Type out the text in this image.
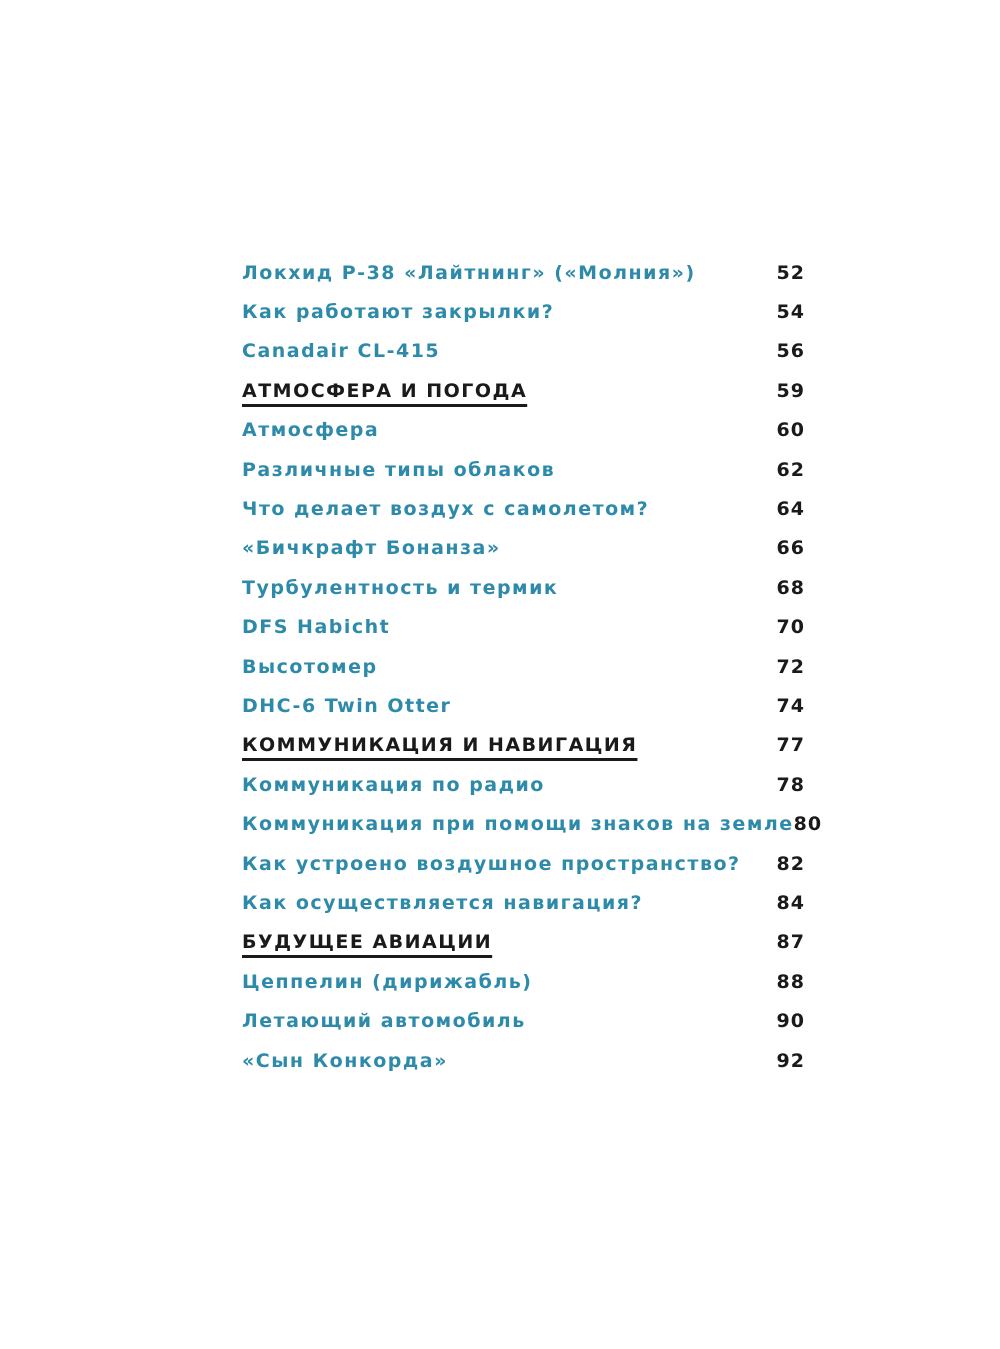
Локхид Р-38 «Лайтнинг» («Молния»)	52
Как работают закрылки?	54
Canadair CL-415	56
АТМОСФЕРА И ПОГОДА	59
Атмосфера	60
Различные типы облаков	62
Что делает воздух с самолетом?	64
«Бичкрафт Бонанза»	66
Турбулентность и термик	68
DFS Habicht	70
Высотомер	72
DHC-6 Twin Otter	74
КОММУНИКАЦИЯ И НАВИГАЦИЯ	77
Коммуникация по радио	78
Коммуникация при помощи знаков на земле 80
Как устроено воздушное пространство? 82
Как осуществляется навигация?	84
БУДУЩЕЕ АВИАЦИИ	87
Цеппелин (дирижабль)	88
Летающий автомобиль	90
«Сын Конкорда»	92
